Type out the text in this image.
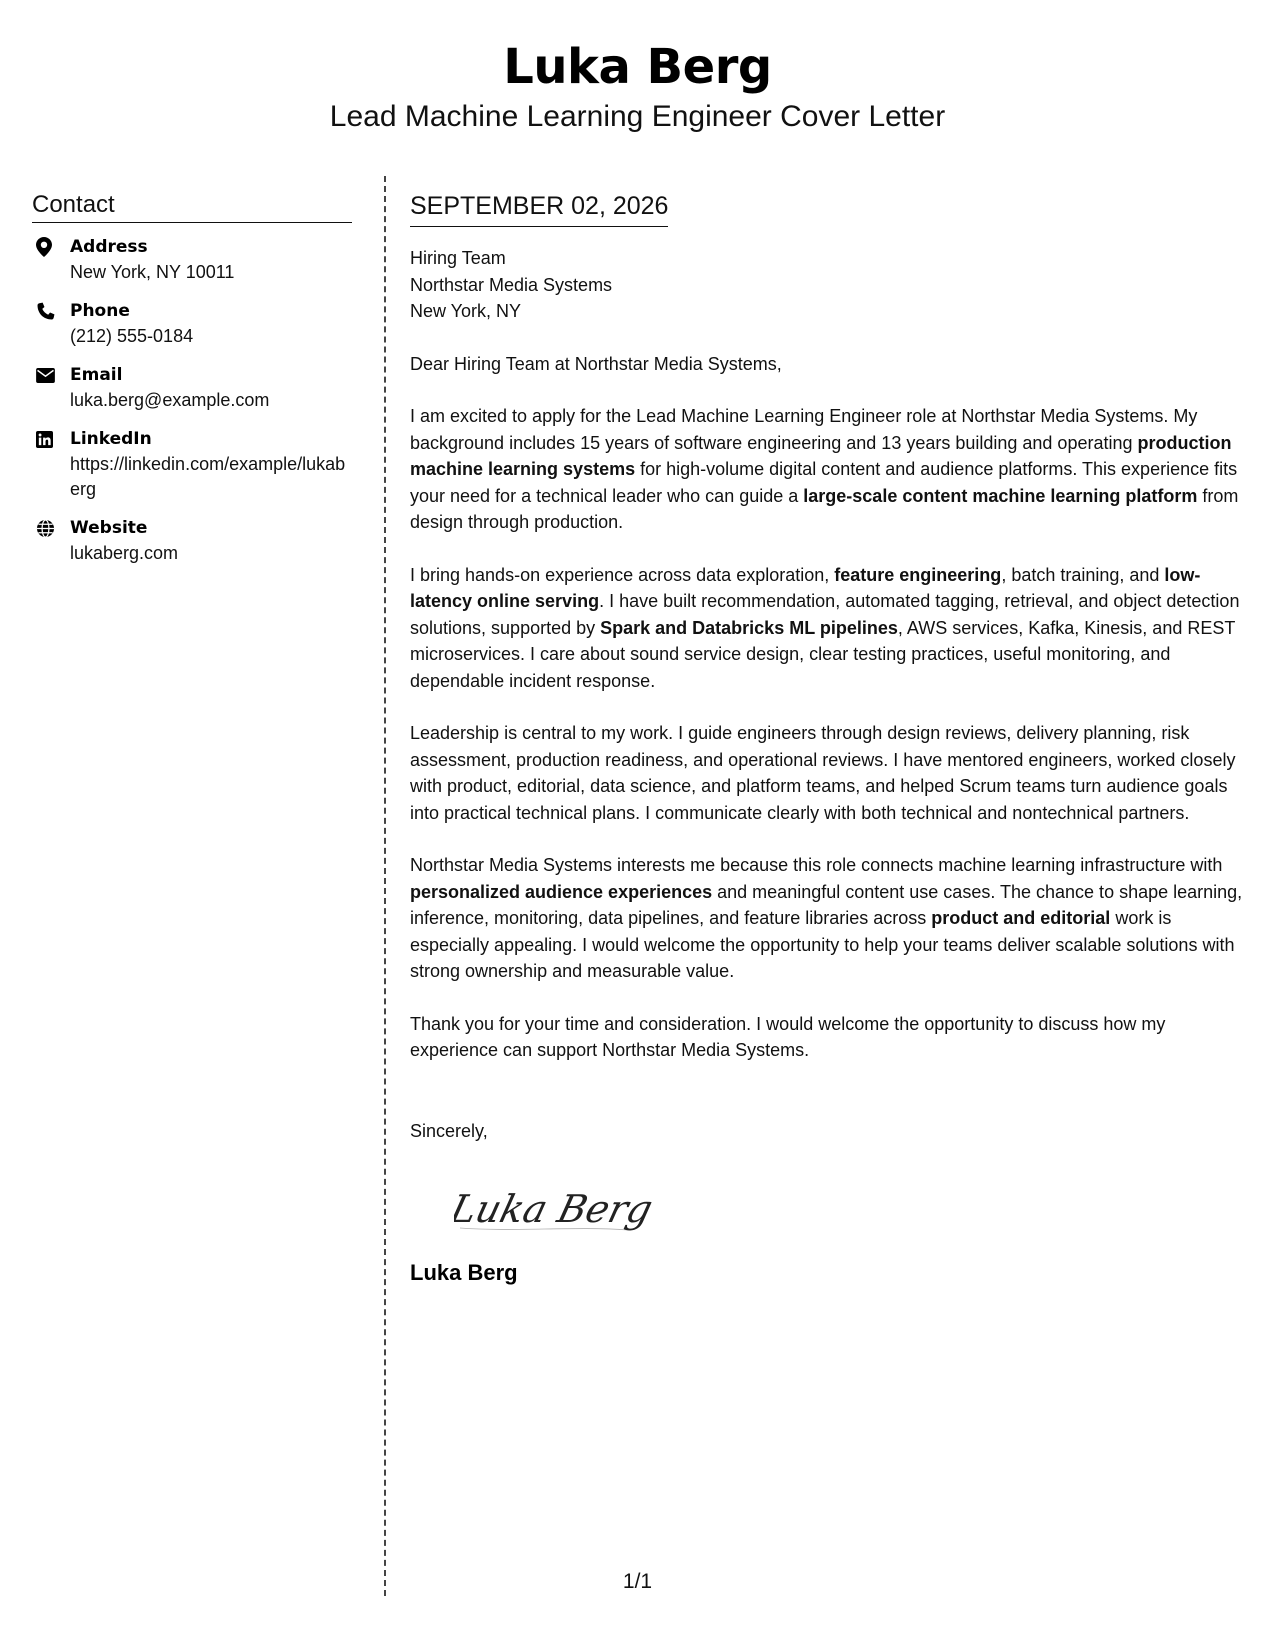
Luka Berg
Lead Machine Learning Engineer Cover Letter
Contact
Address
New York, NY 10011
Phone
(212) 555-0184
Email
luka.berg@example.com
LinkedIn
https://linkedin.com/example/lukaberg
Website
lukaberg.com
SEPTEMBER 02, 2026
Hiring Team
Northstar Media Systems
New York, NY
Dear Hiring Team at Northstar Media Systems,
I am excited to apply for the Lead Machine Learning Engineer role at Northstar Media Systems. My background includes 15 years of software engineering and 13 years building and operating production machine learning systems for high-volume digital content and audience platforms. This experience fits your need for a technical leader who can guide a large-scale content machine learning platform from design through production.
I bring hands-on experience across data exploration, feature engineering, batch training, and low-latency online serving. I have built recommendation, automated tagging, retrieval, and object detection solutions, supported by Spark and Databricks ML pipelines, AWS services, Kafka, Kinesis, and REST microservices. I care about sound service design, clear testing practices, useful monitoring, and dependable incident response.
Leadership is central to my work. I guide engineers through design reviews, delivery planning, risk assessment, production readiness, and operational reviews. I have mentored engineers, worked closely with product, editorial, data science, and platform teams, and helped Scrum teams turn audience goals into practical technical plans. I communicate clearly with both technical and nontechnical partners.
Northstar Media Systems interests me because this role connects machine learning infrastructure with personalized audience experiences and meaningful content use cases. The chance to shape learning, inference, monitoring, data pipelines, and feature libraries across product and editorial work is especially appealing. I would welcome the opportunity to help your teams deliver scalable solutions with strong ownership and measurable value.
Thank you for your time and consideration. I would welcome the opportunity to discuss how my experience can support Northstar Media Systems.
Sincerely,
Luka Berg
Luka Berg
1/1
